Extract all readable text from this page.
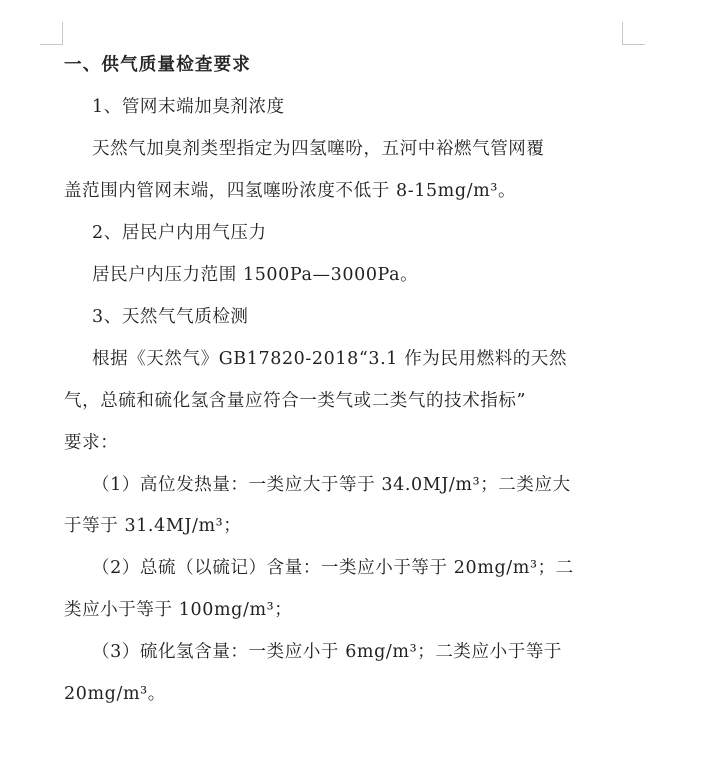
一、供气质量检查要求
1、管网末端加臭剂浓度
天然气加臭剂类型指定为四氢噻吩，五河中裕燃气管网覆
盖范围内管网末端，四氢噻吩浓度不低于 8-15mg/m³。
2、居民户内用气压力
居民户内压力范围 1500Pa—3000Pa。
3、天然气气质检测
根据《天然气》GB17820-2018“3.1 作为民用燃料的天然
气，总硫和硫化氢含量应符合一类气或二类气的技术指标”
要求：
（1）高位发热量：一类应大于等于 34.0MJ/m³；二类应大
于等于 31.4MJ/m³；
（2）总硫（以硫记）含量：一类应小于等于 20mg/m³；二
类应小于等于 100mg/m³；
（3）硫化氢含量：一类应小于 6mg/m³；二类应小于等于
20mg/m³。
